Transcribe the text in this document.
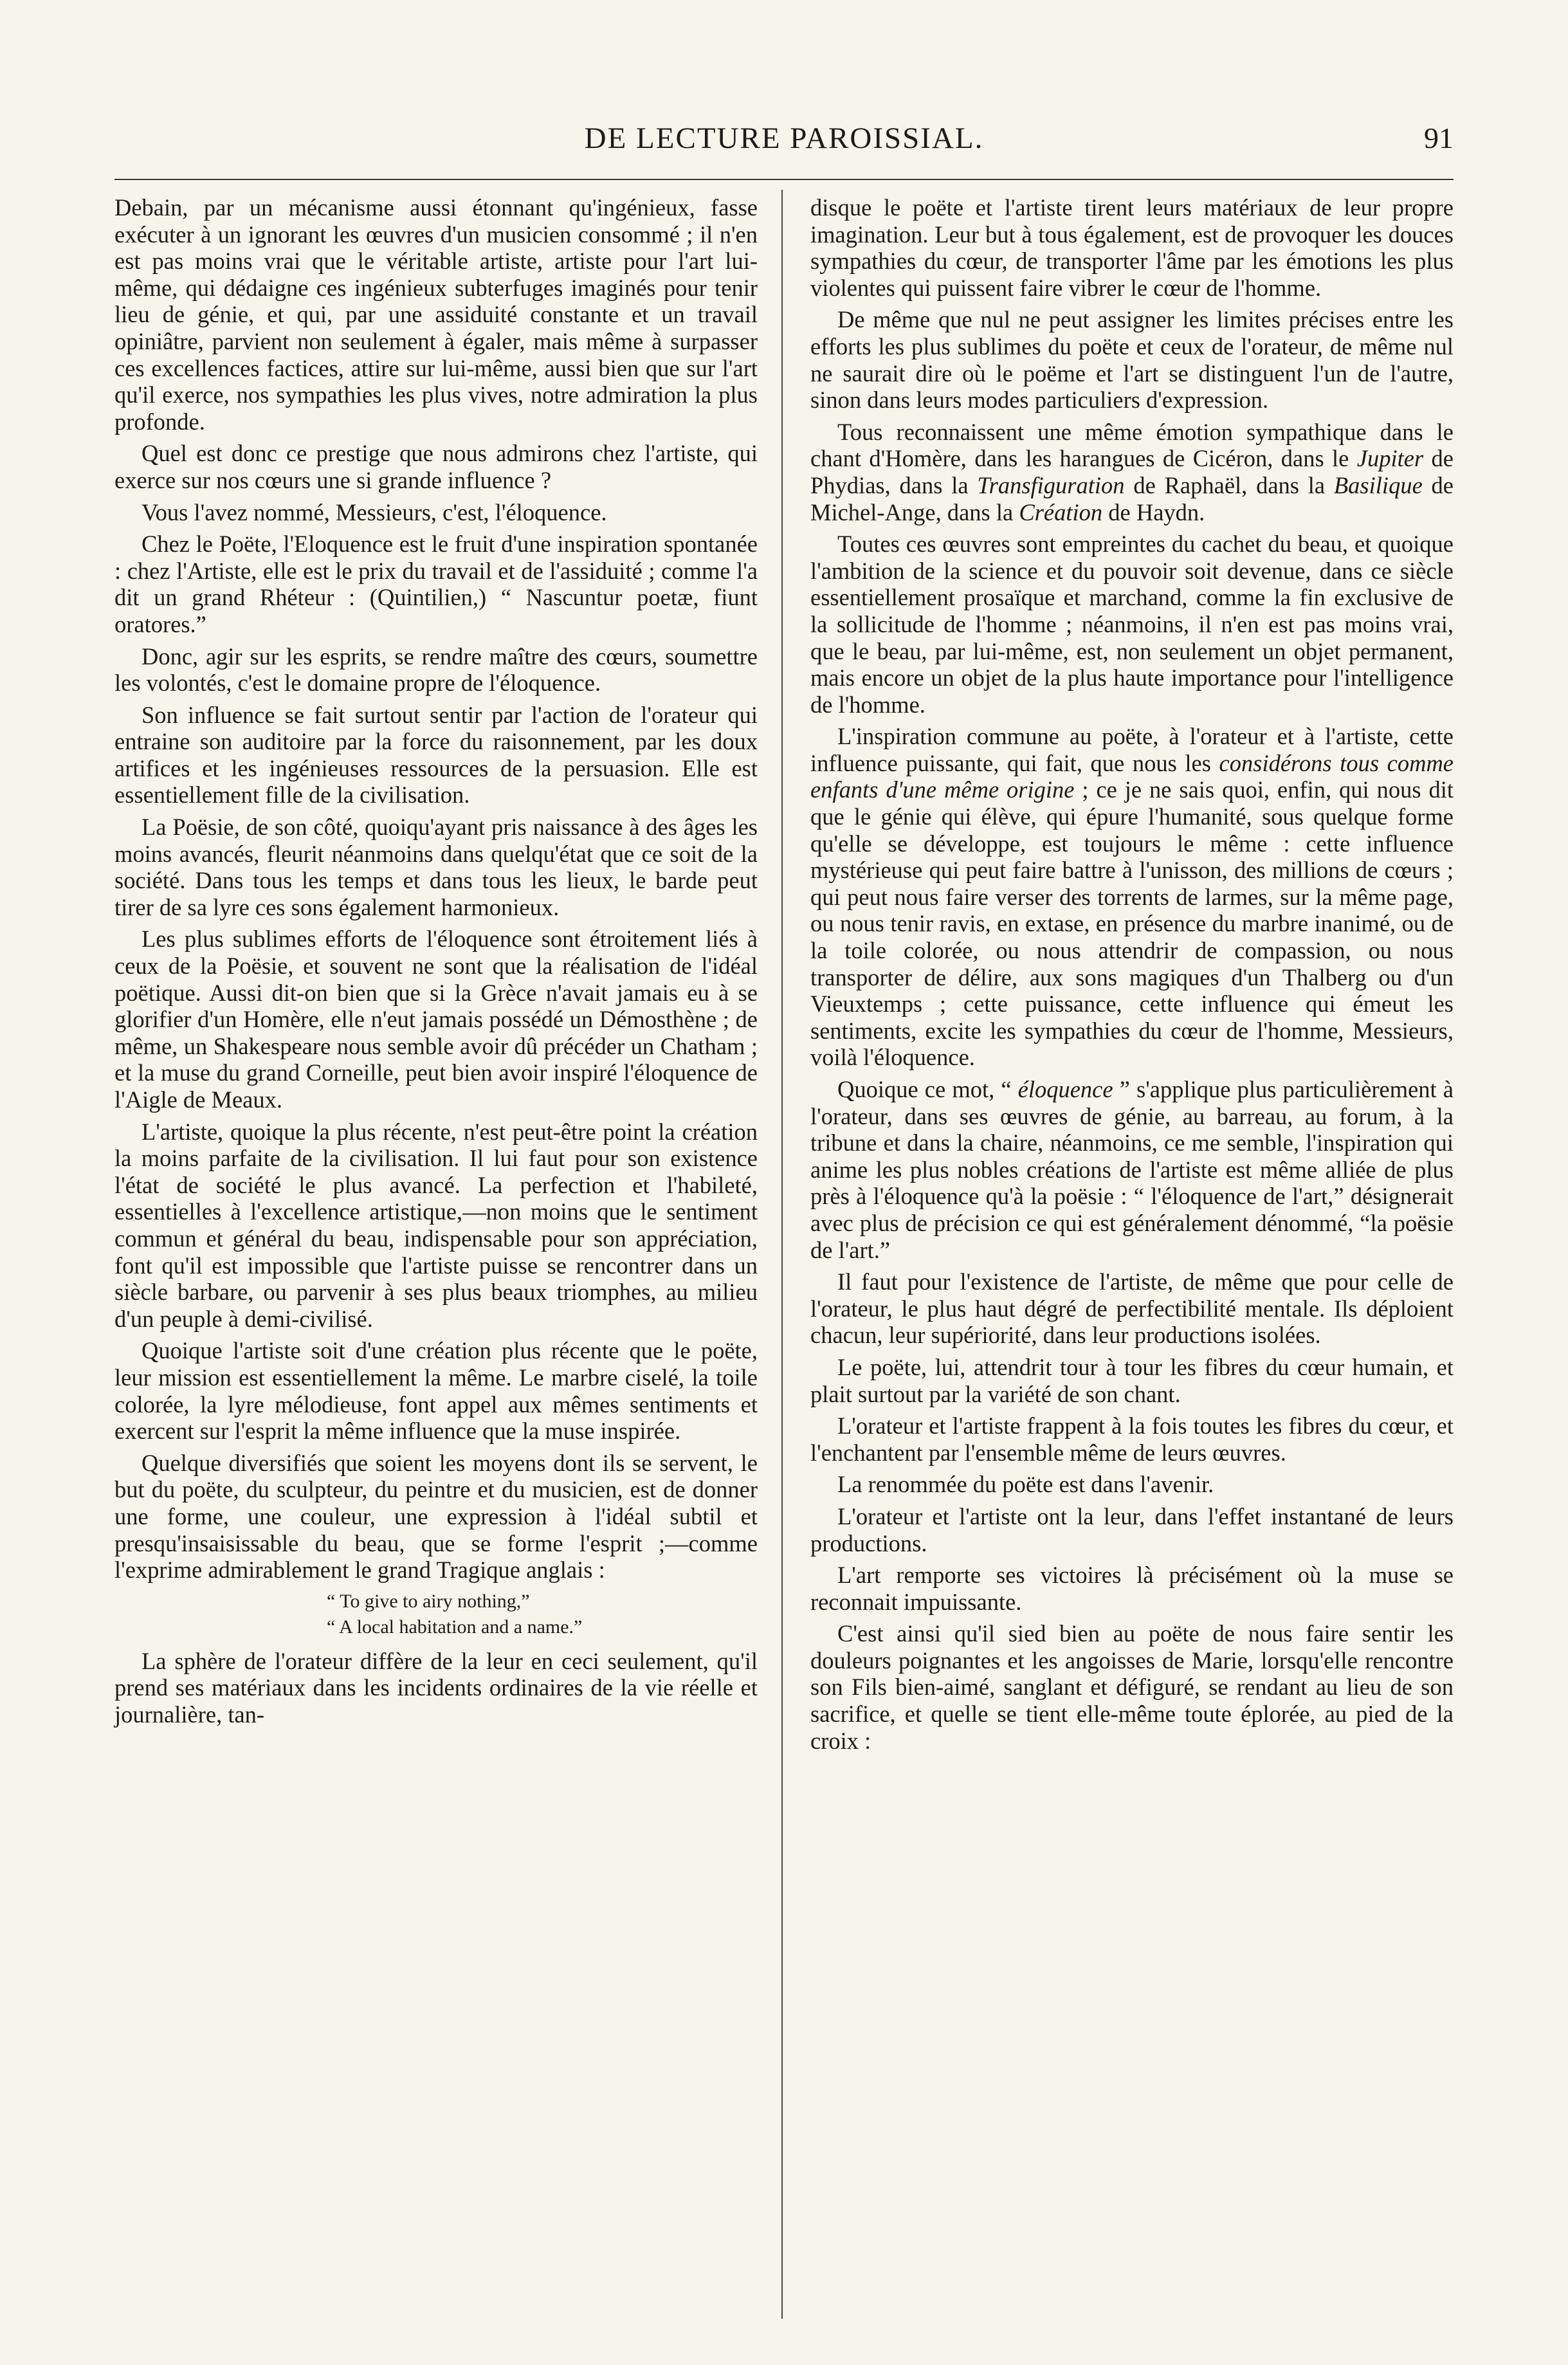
DE LECTURE PAROISSIAL.	91

Debain, par un mécanisme aussi étonnant qu'ingénieux, fasse exécuter à un ignorant les œuvres d'un musicien consommé ; il n'en est pas moins vrai que le véritable artiste, artiste pour l'art lui-même, qui dédaigne ces ingénieux subterfuges imaginés pour tenir lieu de génie, et qui, par une assiduité constante et un travail opiniâtre, parvient non seulement à égaler, mais même à surpasser ces excellences factices, attire sur lui-même, aussi bien que sur l'art qu'il exerce, nos sympathies les plus vives, notre admiration la plus profonde.

Quel est donc ce prestige que nous admirons chez l'artiste, qui exerce sur nos cœurs une si grande influence ?

Vous l'avez nommé, Messieurs, c'est, l'éloquence.

Chez le Poëte, l'Eloquence est le fruit d'une inspiration spontanée : chez l'Artiste, elle est le prix du travail et de l'assiduité ; comme l'a dit un grand Rhéteur : (Quintilien,) “ Nascuntur poetæ, fiunt oratores.”

Donc, agir sur les esprits, se rendre maître des cœurs, soumettre les volontés, c'est le domaine propre de l'éloquence.

Son influence se fait surtout sentir par l'action de l'orateur qui entraine son auditoire par la force du raisonnement, par les doux artifices et les ingénieuses ressources de la persuasion. Elle est essentiellement fille de la civilisation.

La Poësie, de son côté, quoiqu'ayant pris naissance à des âges les moins avancés, fleurit néanmoins dans quelqu'état que ce soit de la société. Dans tous les temps et dans tous les lieux, le barde peut tirer de sa lyre ces sons également harmonieux.

Les plus sublimes efforts de l'éloquence sont étroitement liés à ceux de la Poësie, et souvent ne sont que la réalisation de l'idéal poëtique. Aussi dit-on bien que si la Grèce n'avait jamais eu à se glorifier d'un Homère, elle n'eut jamais possédé un Démosthène ; de même, un Shakespeare nous semble avoir dû précéder un Chatham ; et la muse du grand Corneille, peut bien avoir inspiré l'éloquence de l'Aigle de Meaux.

L'artiste, quoique la plus récente, n'est peut-être point la création la moins parfaite de la civilisation. Il lui faut pour son existence l'état de société le plus avancé. La perfection et l'habileté, essentielles à l'excellence artistique,—non moins que le sentiment commun et général du beau, indispensable pour son appréciation, font qu'il est impossible que l'artiste puisse se rencontrer dans un siècle barbare, ou parvenir à ses plus beaux triomphes, au milieu d'un peuple à demi-civilisé.

Quoique l'artiste soit d'une création plus récente que le poëte, leur mission est essentiellement la même. Le marbre ciselé, la toile colorée, la lyre mélodieuse, font appel aux mêmes sentiments et exercent sur l'esprit la même influence que la muse inspirée.

Quelque diversifiés que soient les moyens dont ils se servent, le but du poëte, du sculpteur, du peintre et du musicien, est de donner une forme, une couleur, une expression à l'idéal subtil et presqu'insaisissable du beau, que se forme l'esprit ;—comme l'exprime admirablement le grand Tragique anglais :

“ To give to airy nothing,”
“ A local habitation and a name.”

La sphère de l'orateur diffère de la leur en ceci seulement, qu'il prend ses matériaux dans les incidents ordinaires de la vie réelle et journalière, tan-

disque le poëte et l'artiste tirent leurs matériaux de leur propre imagination. Leur but à tous également, est de provoquer les douces sympathies du cœur, de transporter l'âme par les émotions les plus violentes qui puissent faire vibrer le cœur de l'homme.

De même que nul ne peut assigner les limites précises entre les efforts les plus sublimes du poëte et ceux de l'orateur, de même nul ne saurait dire où le poëme et l'art se distinguent l'un de l'autre, sinon dans leurs modes particuliers d'expression.

Tous reconnaissent une même émotion sympathique dans le chant d'Homère, dans les harangues de Cicéron, dans le Jupiter de Phydias, dans la Transfiguration de Raphaël, dans la Basilique de Michel-Ange, dans la Création de Haydn.

Toutes ces œuvres sont empreintes du cachet du beau, et quoique l'ambition de la science et du pouvoir soit devenue, dans ce siècle essentiellement prosaïque et marchand, comme la fin exclusive de la sollicitude de l'homme ; néanmoins, il n'en est pas moins vrai, que le beau, par lui-même, est, non seulement un objet permanent, mais encore un objet de la plus haute importance pour l'intelligence de l'homme.

L'inspiration commune au poëte, à l'orateur et à l'artiste, cette influence puissante, qui fait, que nous les considérons tous comme enfants d'une même origine ; ce je ne sais quoi, enfin, qui nous dit que le génie qui élève, qui épure l'humanité, sous quelque forme qu'elle se développe, est toujours le même : cette influence mystérieuse qui peut faire battre à l'unisson, des millions de cœurs ; qui peut nous faire verser des torrents de larmes, sur la même page, ou nous tenir ravis, en extase, en présence du marbre inanimé, ou de la toile colorée, ou nous attendrir de compassion, ou nous transporter de délire, aux sons magiques d'un Thalberg ou d'un Vieuxtemps ; cette puissance, cette influence qui émeut les sentiments, excite les sympathies du cœur de l'homme, Messieurs, voilà l'éloquence.

Quoique ce mot, “ éloquence ” s'applique plus particulièrement à l'orateur, dans ses œuvres de génie, au barreau, au forum, à la tribune et dans la chaire, néanmoins, ce me semble, l'inspiration qui anime les plus nobles créations de l'artiste est même alliée de plus près à l'éloquence qu'à la poësie : “ l'éloquence de l'art,” désignerait avec plus de précision ce qui est généralement dénommé, “la poësie de l'art.”

Il faut pour l'existence de l'artiste, de même que pour celle de l'orateur, le plus haut dégré de perfectibilité mentale. Ils déploient chacun, leur supériorité, dans leur productions isolées.

Le poëte, lui, attendrit tour à tour les fibres du cœur humain, et plait surtout par la variété de son chant.

L'orateur et l'artiste frappent à la fois toutes les fibres du cœur, et l'enchantent par l'ensemble même de leurs œuvres.

La renommée du poëte est dans l'avenir.

L'orateur et l'artiste ont la leur, dans l'effet instantané de leurs productions.

L'art remporte ses victoires là précisément où la muse se reconnait impuissante.

C'est ainsi qu'il sied bien au poëte de nous faire sentir les douleurs poignantes et les angoisses de Marie, lorsqu'elle rencontre son Fils bien-aimé, sanglant et défiguré, se rendant au lieu de son sacrifice, et quelle se tient elle-même toute éplorée, au pied de la croix :
